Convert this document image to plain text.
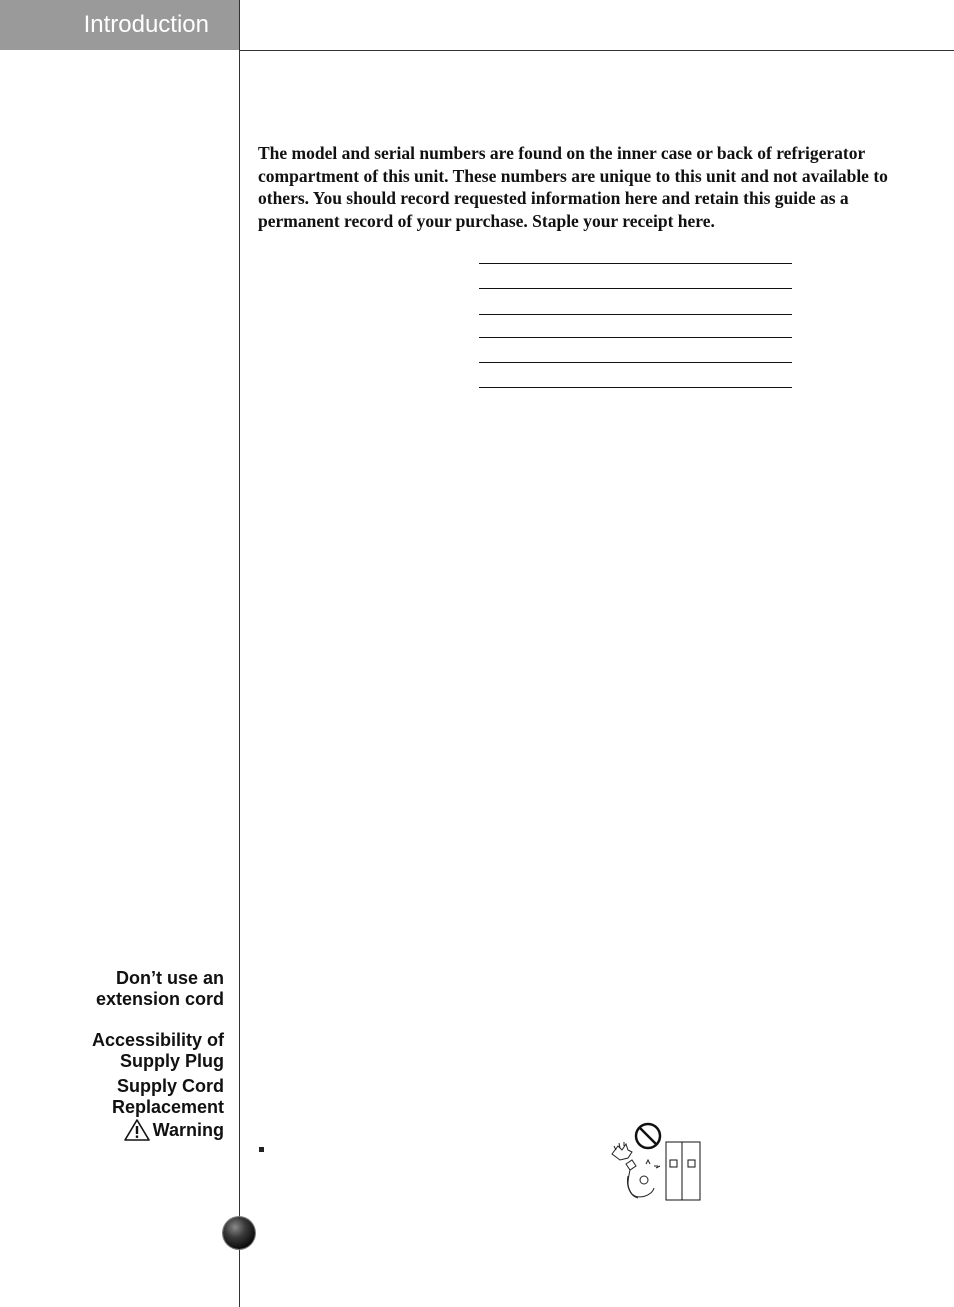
Introduction
The model and serial numbers are found on the inner case or back of refrigerator compartment of this unit. These numbers are unique to this unit and not available to others. You should record requested information here and retain this guide as a permanent record of your purchase. Staple your receipt here.
Don’t use an
extension cord
Accessibility of
Supply Plug
Supply Cord
Replacement
Warning
